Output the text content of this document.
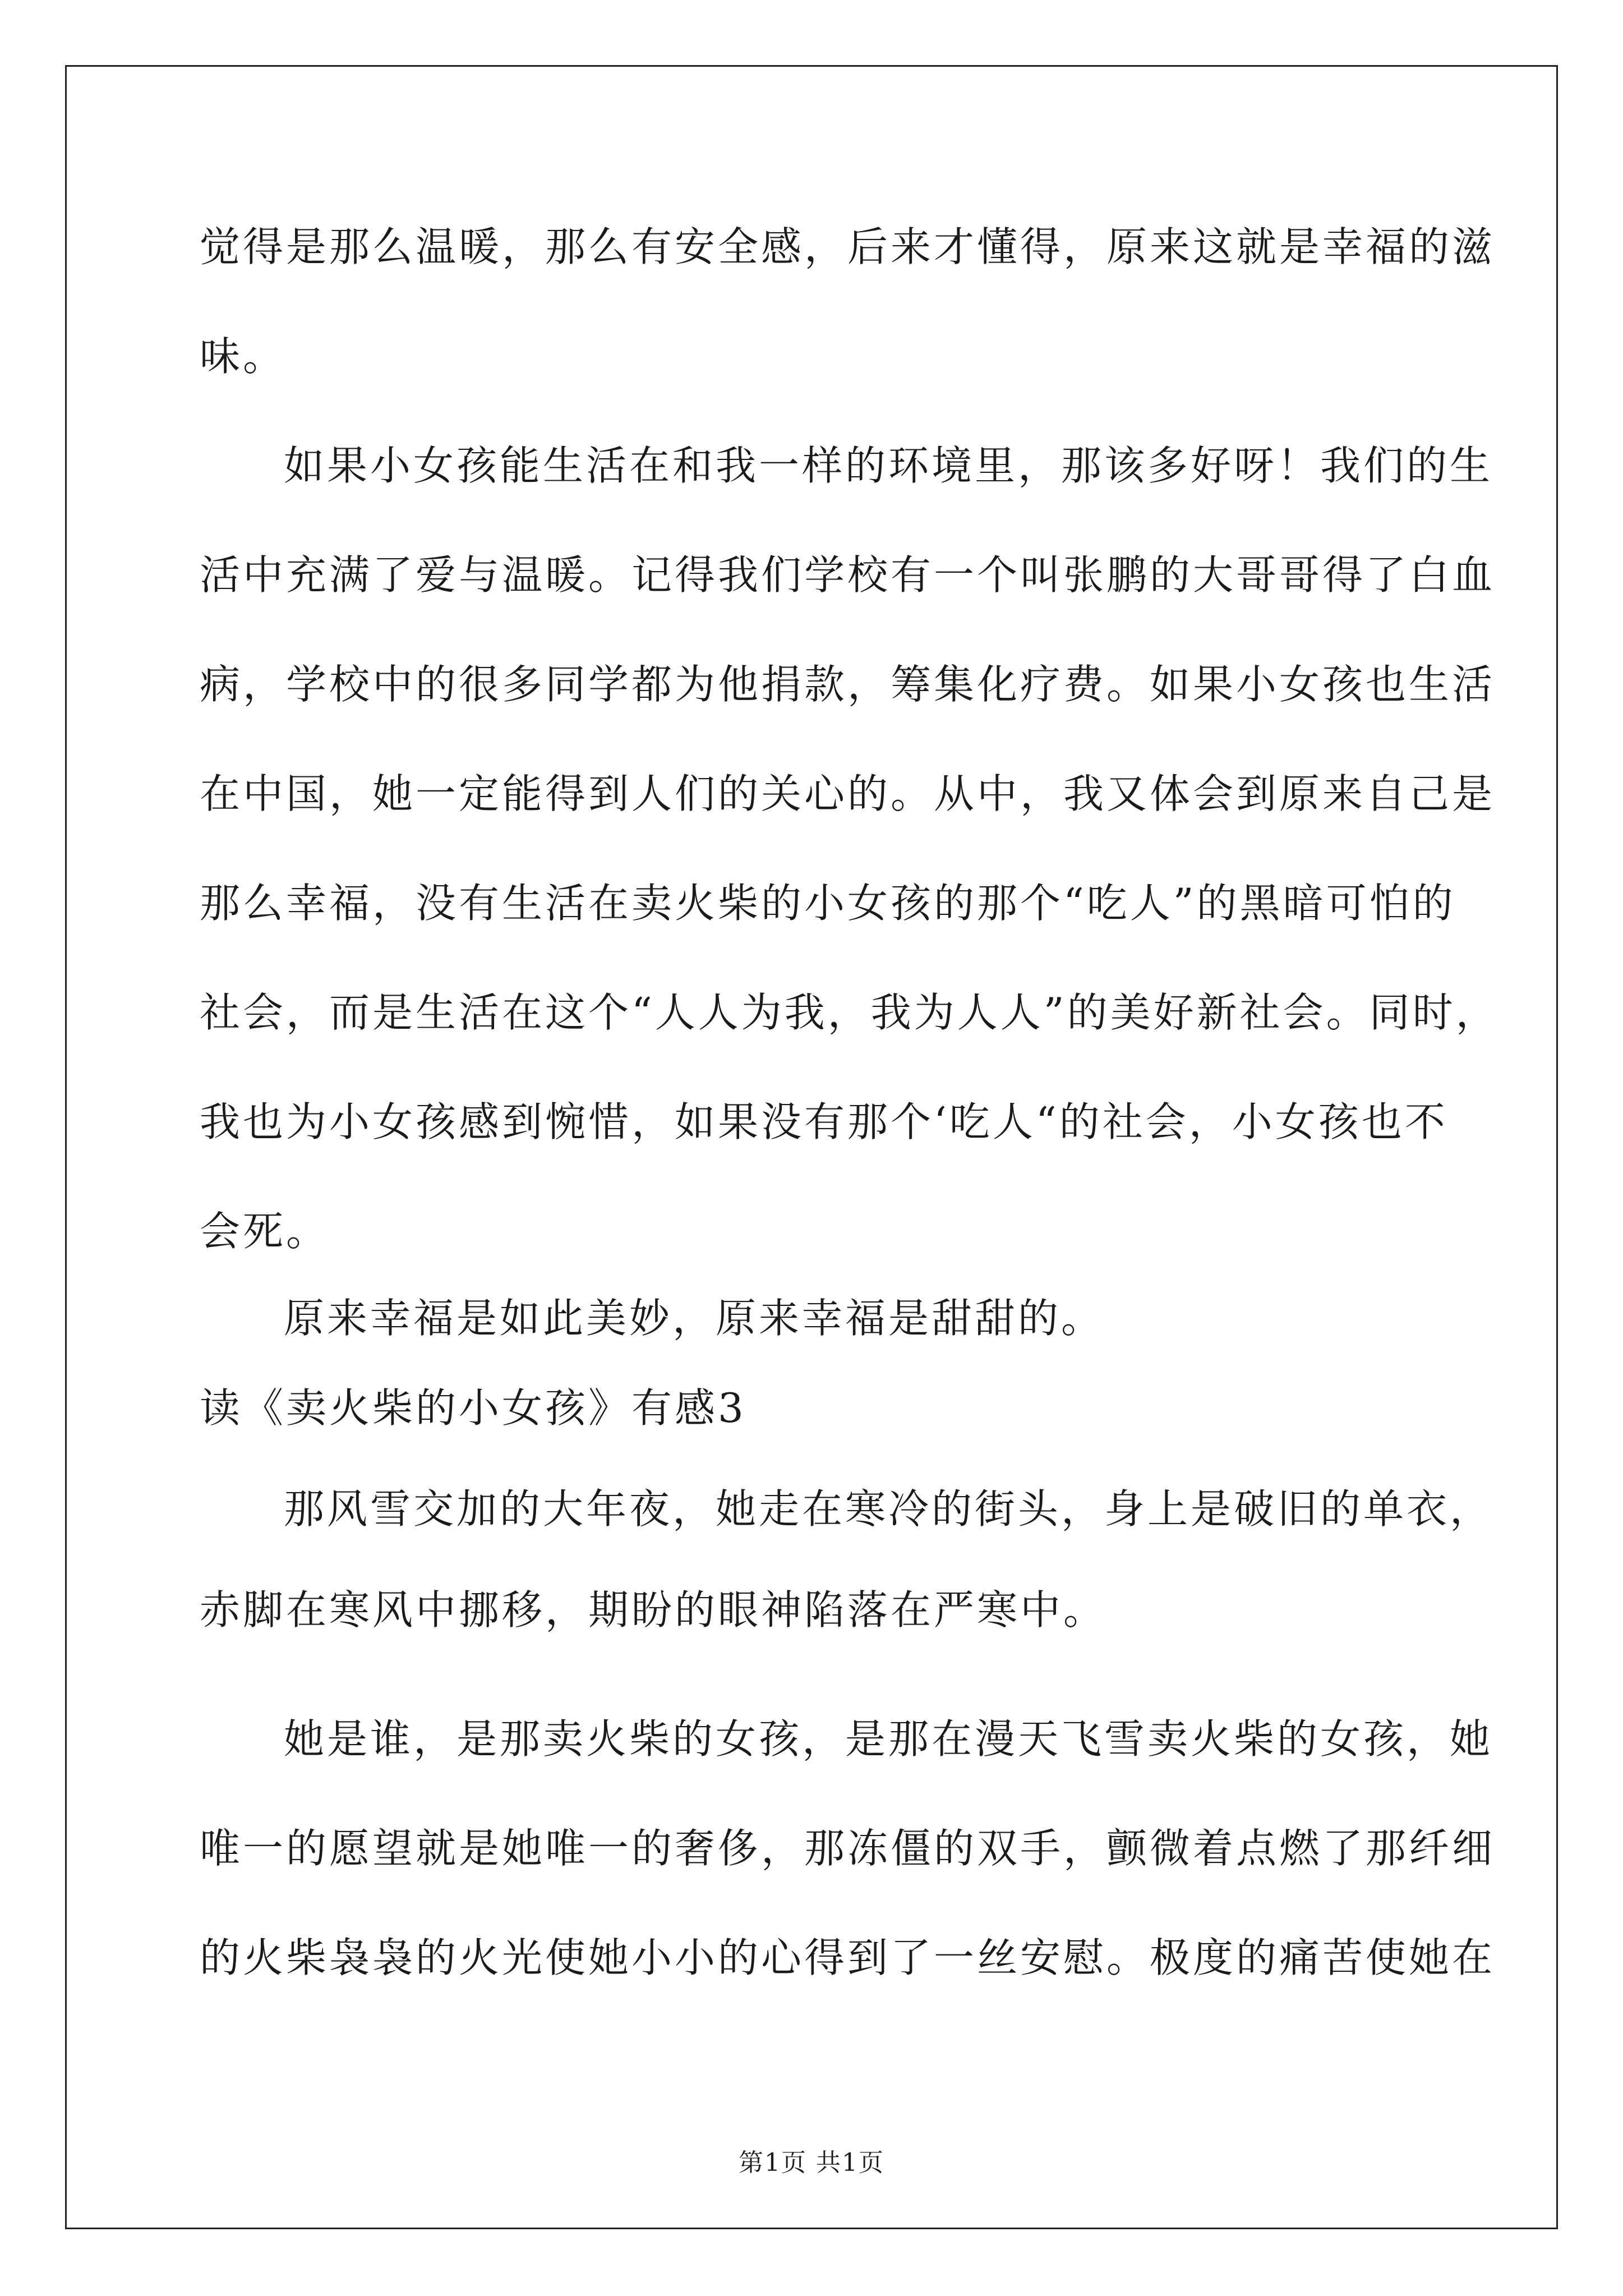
觉得是那么温暖，那么有安全感，后来才懂得，原来这就是幸福的滋
味。
如果小女孩能生活在和我一样的环境里，那该多好呀！我们的生
活中充满了爱与温暖。记得我们学校有一个叫张鹏的大哥哥得了白血
病，学校中的很多同学都为他捐款，筹集化疗费。如果小女孩也生活
在中国，她一定能得到人们的关心的。从中，我又体会到原来自己是
那么幸福，没有生活在卖火柴的小女孩的那个“吃人”的黑暗可怕的
社会，而是生活在这个“人人为我，我为人人”的美好新社会。同时，
我也为小女孩感到惋惜，如果没有那个‘吃人“的社会，小女孩也不
会死。
原来幸福是如此美妙，原来幸福是甜甜的。
读《卖火柴的小女孩》有感3
那风雪交加的大年夜，她走在寒冷的街头，身上是破旧的单衣，
赤脚在寒风中挪移，期盼的眼神陷落在严寒中。
她是谁，是那卖火柴的女孩，是那在漫天飞雪卖火柴的女孩，她
唯一的愿望就是她唯一的奢侈，那冻僵的双手，颤微着点燃了那纤细
的火柴袅袅的火光使她小小的心得到了一丝安慰。极度的痛苦使她在
第1页 共1页
